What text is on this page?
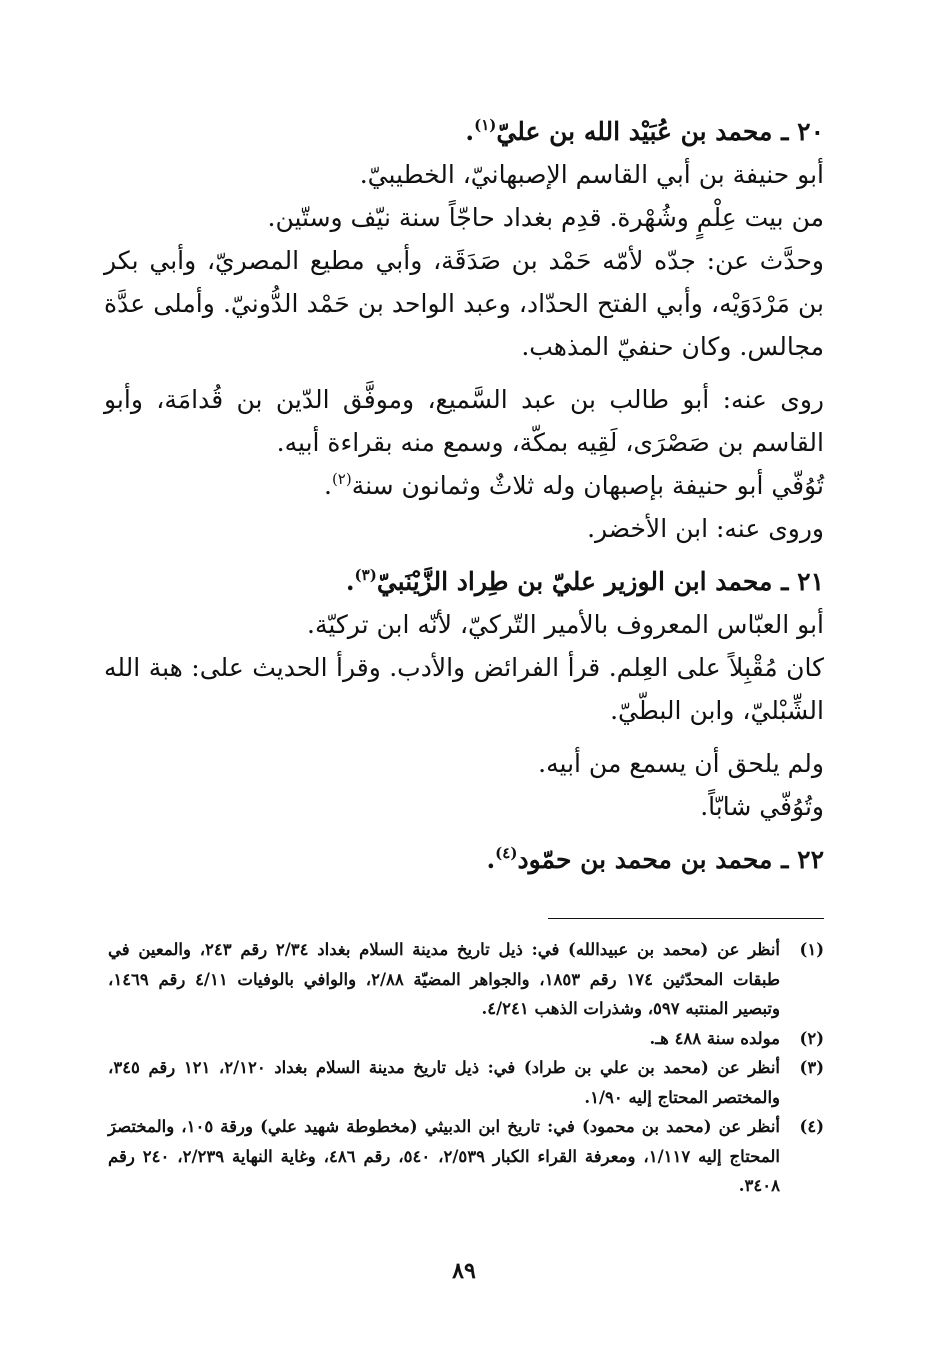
٢٠ ـ محمد بن عُبَيْد الله بن عليّ$^{(١)}$.

أبو حنيفة بن أبي القاسم الإصبهانيّ، الخطيبيّ.

من بيت عِلْمٍ وشُهْرة. قدِم بغداد حاجّاً سنة نيّف وستّين.

وحدَّث عن: جدّه لأمّه حَمْد بن صَدَقَة، وأبي مطيع المصريّ، وأبي بكر بن مَرْدَوَيْه، وأبي الفتح الحدّاد، وعبد الواحد بن حَمْد الدُّونيّ. وأملى عدَّة مجالس. وكان حنفيّ المذهب.

روى عنه: أبو طالب بن عبد السَّميع، وموفَّق الدّين بن قُدامَة، وأبو القاسم بن صَصْرَى، لَقِيه بمكّة، وسمع منه بقراءة أبيه.

تُوُفّي أبو حنيفة بإصبهان وله ثلاثٌ وثمانون سنة$^{(٢)}$.

وروى عنه: ابن الأخضر.

٢١ ـ محمد ابن الوزير عليّ بن طِراد الزَّيْنَبيّ$^{(٣)}$.

أبو العبّاس المعروف بالأمير التّركيّ، لأنّه ابن تركيّة.

كان مُقْبِلاً على العِلم. قرأ الفرائض والأدب. وقرأ الحديث على: هبة الله الشِّبْليّ، وابن البطّيّ.

ولم يلحق أن يسمع من أبيه.

وتُوُفّي شابّاً.

٢٢ ـ محمد بن محمد بن حمّود$^{(٤)}$.

(١)
أنظر عن (محمد بن عبيدالله) في: ذيل تاريخ مدينة السلام بغداد ٢/٣٤ رقم ٢٤٣، والمعين في طبقات المحدّثين ١٧٤ رقم ١٨٥٣، والجواهر المضيّة ٢/٨٨، والوافي بالوفيات ٤/١١ رقم ١٤٦٩، وتبصير المنتبه ٥٩٧، وشذرات الذهب ٤/٢٤١.
(٢)
مولده سنة ٤٨٨ هـ.
(٣)
أنظر عن (محمد بن علي بن طراد) في: ذيل تاريخ مدينة السلام بغداد ٢/١٢٠، ١٢١ رقم ٣٤٥، والمختصر المحتاج إليه ١/٩٠.
(٤)
أنظر عن (محمد بن محمود) في: تاريخ ابن الدبيثي (مخطوطة شهيد علي) ورقة ١٠٥، والمختصرَ المحتاج إليه ١/١١٧، ومعرفة القراء الكبار ٢/٥٣٩، ٥٤٠، رقم ٤٨٦، وغاية النهاية ٢/٢٣٩، ٢٤٠ رقم ٣٤٠٨.
٨٩
